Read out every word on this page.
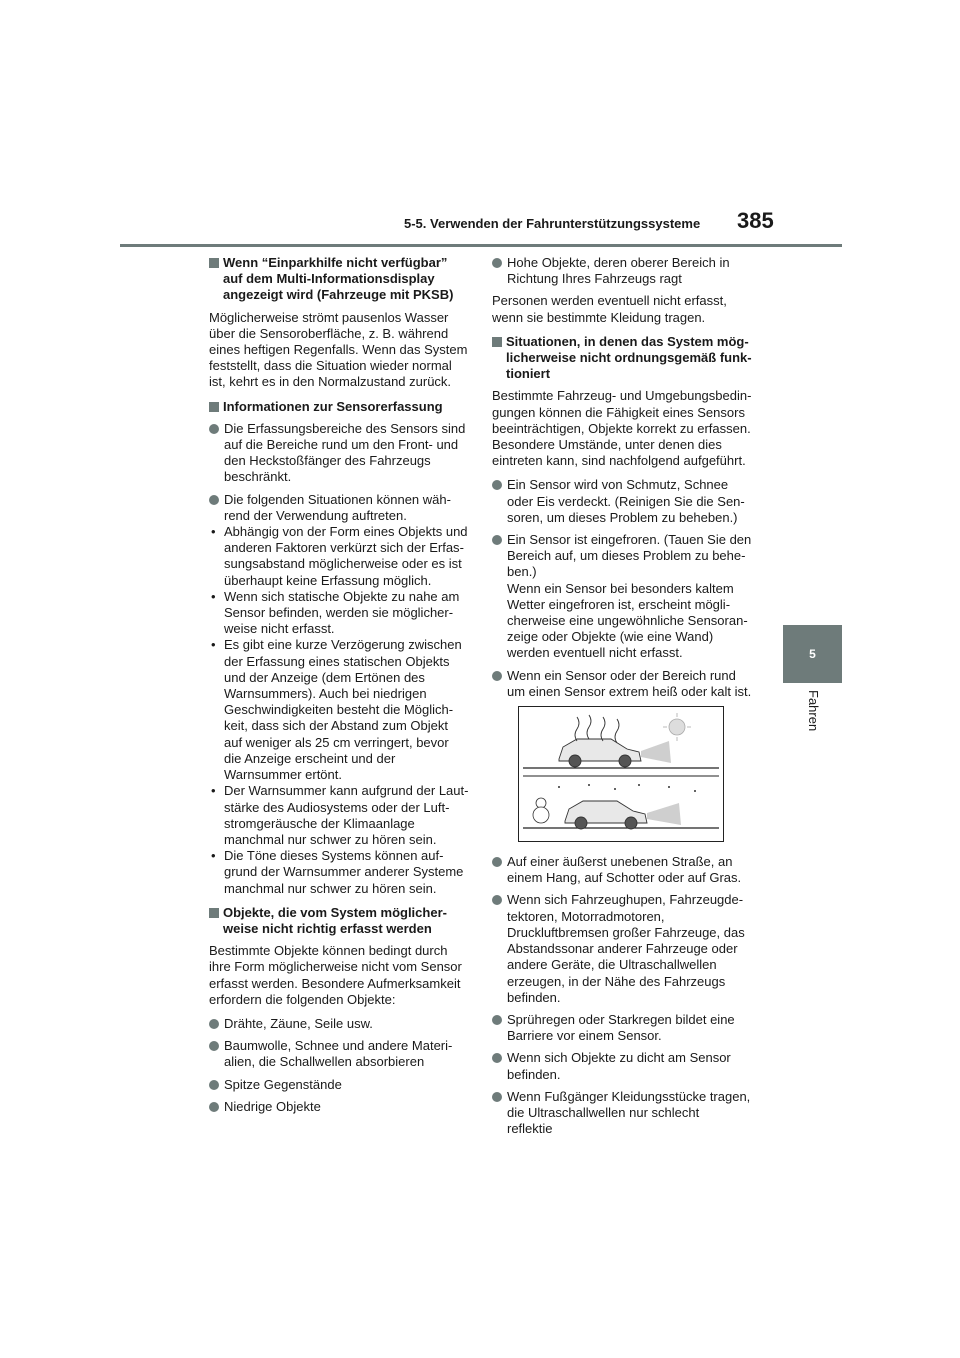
5-5. Verwenden der Fahrunterstützungssysteme 385
5
Fahren
Wenn “Einparkhilfe nicht verfügbar” auf dem Multi-Informationsdisplay angezeigt wird (Fahrzeuge mit PKSB)
Möglicherweise strömt pausenlos Wasser über die Sensoroberfläche, z. B. während eines heftigen Regenfalls. Wenn das System feststellt, dass die Situation wieder normal ist, kehrt es in den Normalzustand zurück.
Informationen zur Sensorerfassung
Die Erfassungsbereiche des Sensors sind auf die Bereiche rund um den Front- und den Heckstoßfänger des Fahrzeugs beschränkt.
Die folgenden Situationen können während der Verwendung auftreten.
• Abhängig von der Form eines Objekts und anderen Faktoren verkürzt sich der Erfassungsabstand möglicherweise oder es ist überhaupt keine Erfassung möglich.
• Wenn sich statische Objekte zu nahe am Sensor befinden, werden sie möglicherweise nicht erfasst.
• Es gibt eine kurze Verzögerung zwischen der Erfassung eines statischen Objekts und der Anzeige (dem Ertönen des Warnsummers). Auch bei niedrigen Geschwindigkeiten besteht die Möglichkeit, dass sich der Abstand zum Objekt auf weniger als 25 cm verringert, bevor die Anzeige erscheint und der Warnsummer ertönt.
• Der Warnsummer kann aufgrund der Lautstärke des Audiosystems oder der Luftstromgeräusche der Klimaanlage manchmal nur schwer zu hören sein.
• Die Töne dieses Systems können aufgrund der Warnsummer anderer Systeme manchmal nur schwer zu hören sein.
Objekte, die vom System möglicherweise nicht richtig erfasst werden
Bestimmte Objekte können bedingt durch ihre Form möglicherweise nicht vom Sensor erfasst werden. Besondere Aufmerksamkeit erfordern die folgenden Objekte:
Drähte, Zäune, Seile usw.
Baumwolle, Schnee und andere Materialien, die Schallwellen absorbieren
Spitze Gegenstände
Niedrige Objekte
Hohe Objekte, deren oberer Bereich in Richtung Ihres Fahrzeugs ragt
Personen werden eventuell nicht erfasst, wenn sie bestimmte Kleidung tragen.
Situationen, in denen das System möglicherweise nicht ordnungsgemäß funktioniert
Bestimmte Fahrzeug- und Umgebungsbedingungen können die Fähigkeit eines Sensors beeinträchtigen, Objekte korrekt zu erfassen. Besondere Umstände, unter denen dies eintreten kann, sind nachfolgend aufgeführt.
Ein Sensor wird von Schmutz, Schnee oder Eis verdeckt. (Reinigen Sie die Sensoren, um dieses Problem zu beheben.)
Ein Sensor ist eingefroren. (Tauen Sie den Bereich auf, um dieses Problem zu beheben.)
Wenn ein Sensor bei besonders kaltem Wetter eingefroren ist, erscheint möglicherweise eine ungewöhnliche Sensoranzeige oder Objekte (wie eine Wand) werden eventuell nicht erfasst.
Wenn ein Sensor oder der Bereich rund um einen Sensor extrem heiß oder kalt ist.
Auf einer äußerst unebenen Straße, an einem Hang, auf Schotter oder auf Gras.
Wenn sich Fahrzeughupen, Fahrzeugdetektoren, Motorradmotoren, Druckluftbremsen großer Fahrzeuge, das Abstandssonar anderer Fahrzeuge oder andere Geräte, die Ultraschallwellen erzeugen, in der Nähe des Fahrzeugs befinden.
Sprühregen oder Starkregen bildet eine Barriere vor einem Sensor.
Wenn sich Objekte zu dicht am Sensor befinden.
Wenn Fußgänger Kleidungsstücke tragen, die Ultraschallwellen nur schlecht reflektie
